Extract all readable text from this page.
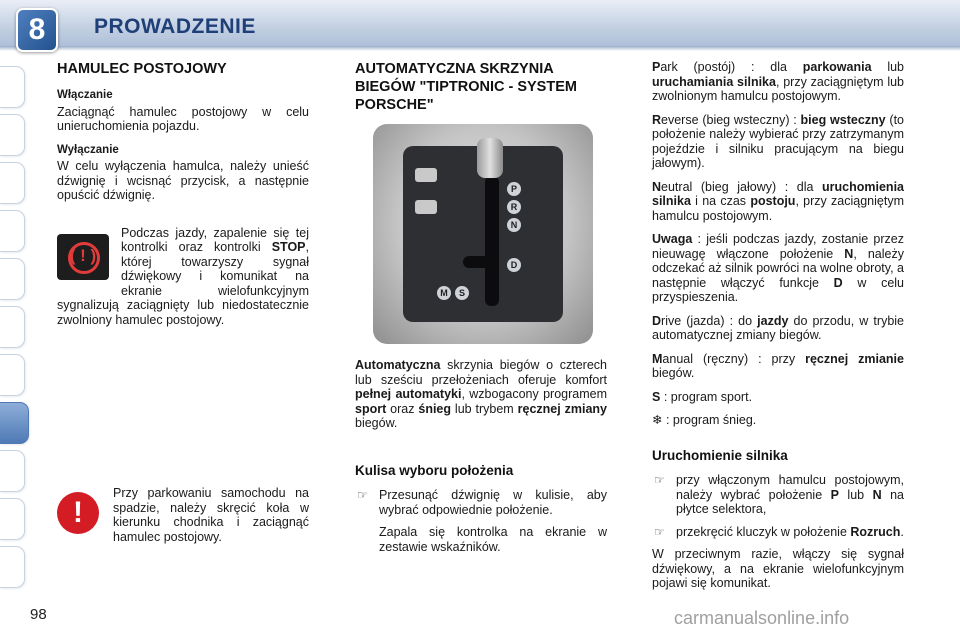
8	PROWADZENIE
HAMULEC POSTOJOWY
Włączanie

Zaciągnąć hamulec postojowy w celu unieruchomienia pojazdu.

Wyłączanie

W celu wyłączenia hamulca, należy unieść dźwignię i wcisnąć przycisk, a następnie opuścić dźwignię.

( ! )

Podczas jazdy, zapalenie się tej kontrolki oraz kontrolki STOP, której towarzyszy sygnał dźwiękowy i komunikat na ekranie wielofunkcyjnym sygnalizują zaciągnięty lub niedostatecznie zwolniony hamulec postojowy.

!

Przy parkowaniu samochodu na spadzie, należy skręcić koła w kierunku chodnika i zaciągnąć hamulec postojowy.

AUTOMATYCZNA SKRZYNIA BIEGÓW "TIPTRONIC - SYSTEM PORSCHE"
P
R
N
D
M	S

Automatyczna skrzynia biegów o czterech lub sześciu przełożeniach oferuje komfort pełnej automatyki, wzbogacony programem sport oraz śnieg lub trybem ręcznej zmiany biegów.

Kulisa wyboru położenia
☞ Przesunąć dźwignię w kulisie, aby wybrać odpowiednie położenie.
Zapala się kontrolka na ekranie w zestawie wskaźników.

Park (postój) : dla parkowania lub uruchamiania silnika, przy zaciągniętym lub zwolnionym hamulcu postojowym.

Reverse (bieg wsteczny) : bieg wsteczny (to położenie należy wybierać przy zatrzymanym pojeździe i silniku pracującym na biegu jałowym).

Neutral (bieg jałowy) : dla uruchomienia silnika i na czas postoju, przy zaciągniętym hamulcu postojowym.

Uwaga : jeśli podczas jazdy, zostanie przez nieuwagę włączone położenie N, należy odczekać aż silnik powróci na wolne obroty, a następnie włączyć funkcje D w celu przyspieszenia.

Drive (jazda) : do jazdy do przodu, w trybie automatycznej zmiany biegów.

Manual (ręczny) : przy ręcznej zmianie biegów.

S : program sport.

❄ : program śnieg.

Uruchomienie silnika
☞ przy włączonym hamulcu postojowym, należy wybrać położenie P lub N na płytce selektora,
☞ przekręcić kluczyk w położenie Rozruch.

W przeciwnym razie, włączy się sygnał dźwiękowy, a na ekranie wielofunkcyjnym pojawi się komunikat.

98	carmanualsonline.info
